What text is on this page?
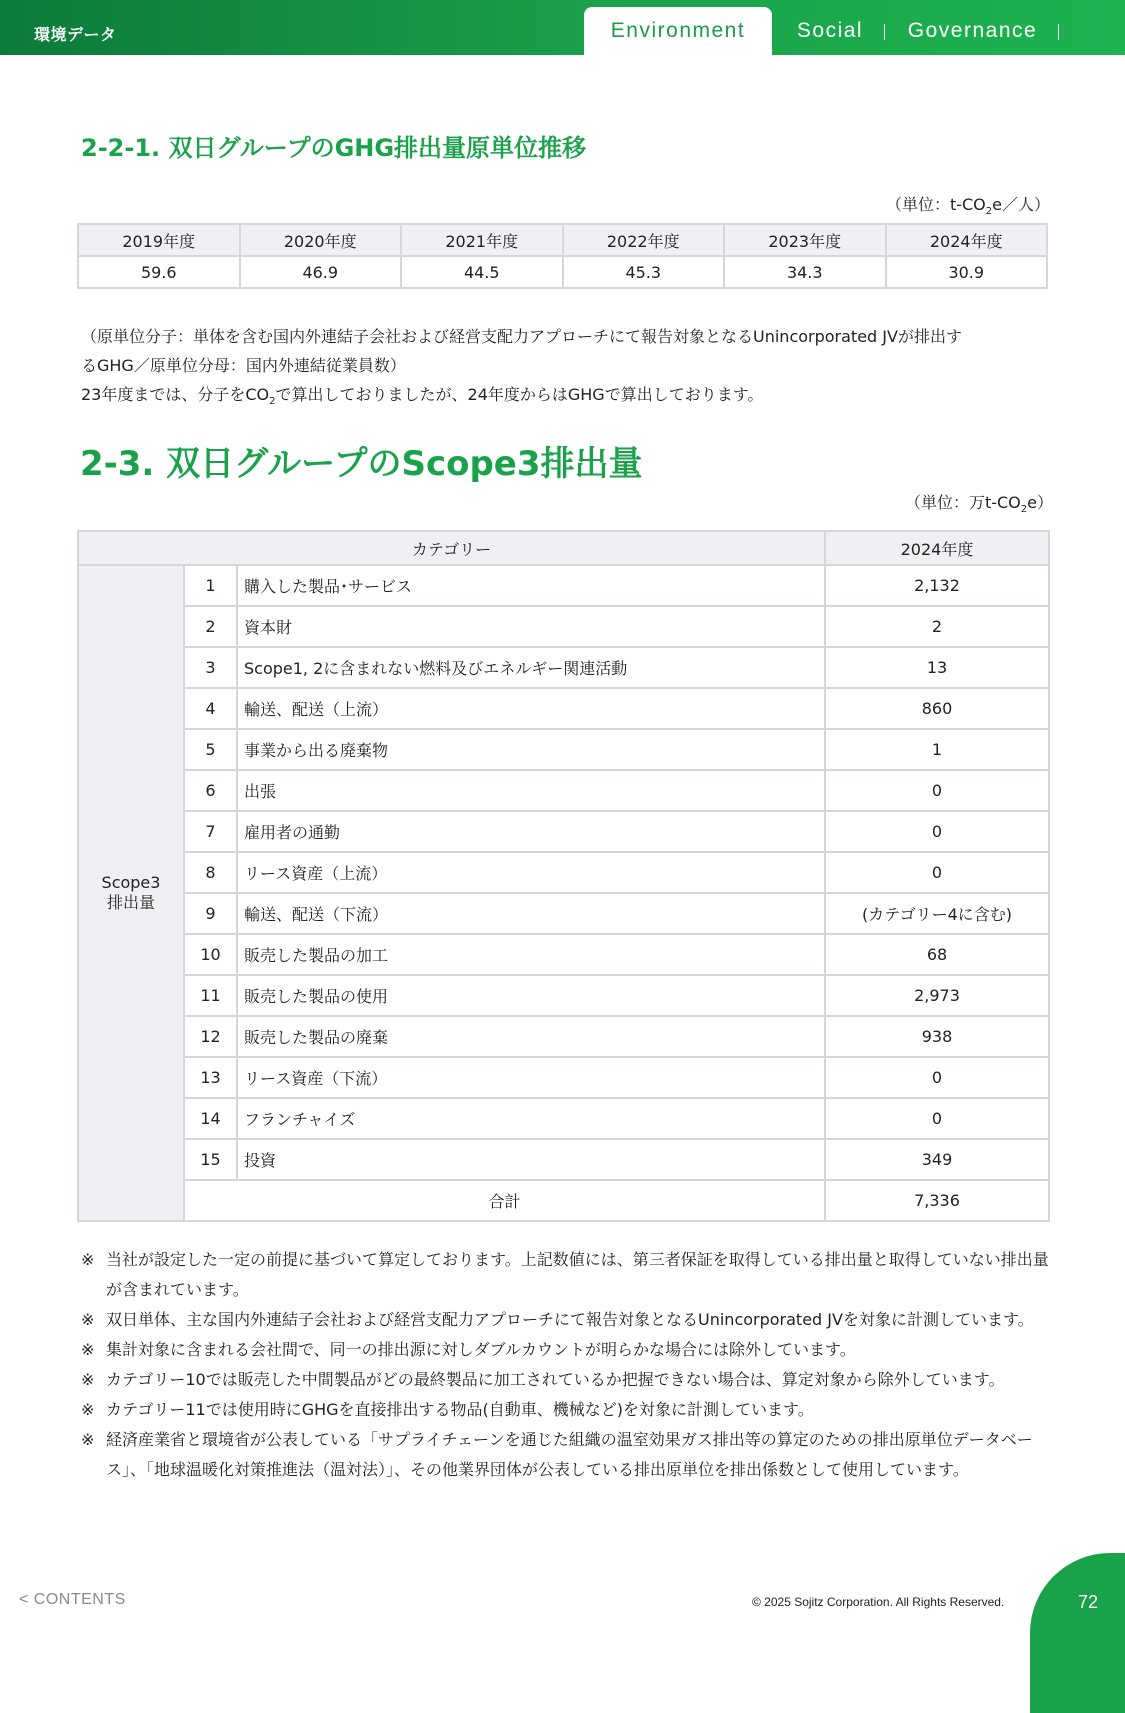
環境データ	Environment	Social	Governance
2-2-1. 双日グループのGHG排出量原単位推移
（単位：$t-CO_2e/$人）
2019年度	2020年度	2021年度	2022年度	2023年度	2024年度
59.6	46.9	44.5	45.3	34.3	30.9
（原単位分子：単体を含む国内外連結子会社および経営支配力アプローチにて報告対象となるUnincorporated JVが排出す
るGHG／原単位分母：国内外連結従業員数）
23年度までは、分子を$CO_2$で算出しておりましたが、24年度からはGHGで算出しております。
2-3. 双日グループのScope3排出量
（単位：万$t-CO_2e$）
カテゴリー			2024年度

Scope3
排出量	1	購入した製品･サービス	2,132
	2	資本財	2
	3	Scope1, 2に含まれない燃料及びエネルギー関連活動	13
	4	輸送、配送（上流）	860
	5	事業から出る廃棄物	1
	6	出張	0
	7	雇用者の通勤	0
	8	リース資産（上流）	0
	9	輸送、配送（下流）	(カテゴリー4に含む)
	10	販売した製品の加工	68
	11	販売した製品の使用	2,973
	12	販売した製品の廃棄	938
	13	リース資産（下流）	0
	14	フランチャイズ	0
	15	投資	349
	合計		7,336
※ 当社が設定した一定の前提に基づいて算定しております。上記数値には、第三者保証を取得している排出量と取得していない排出量が含まれています。
※ 双日単体、主な国内外連結子会社および経営支配力アプローチにて報告対象となるUnincorporated JVを対象に計測しています。
※ 集計対象に含まれる会社間で、同一の排出源に対しダブルカウントが明らかな場合には除外しています。
※ カテゴリー10では販売した中間製品がどの最終製品に加工されているか把握できない場合は、算定対象から除外しています。
※ カテゴリー11では使用時にGHGを直接排出する物品(自動車、機械など)を対象に計測しています。
※ 経済産業省と環境省が公表している「サプライチェーンを通じた組織の温室効果ガス排出等の算定のための排出原単位データベース」、「地球温暖化対策推進法（温対法）」、その他業界団体が公表している排出原単位を排出係数として使用しています。
< CONTENTS	© 2025 Sojitz Corporation. All Rights Reserved.	72
